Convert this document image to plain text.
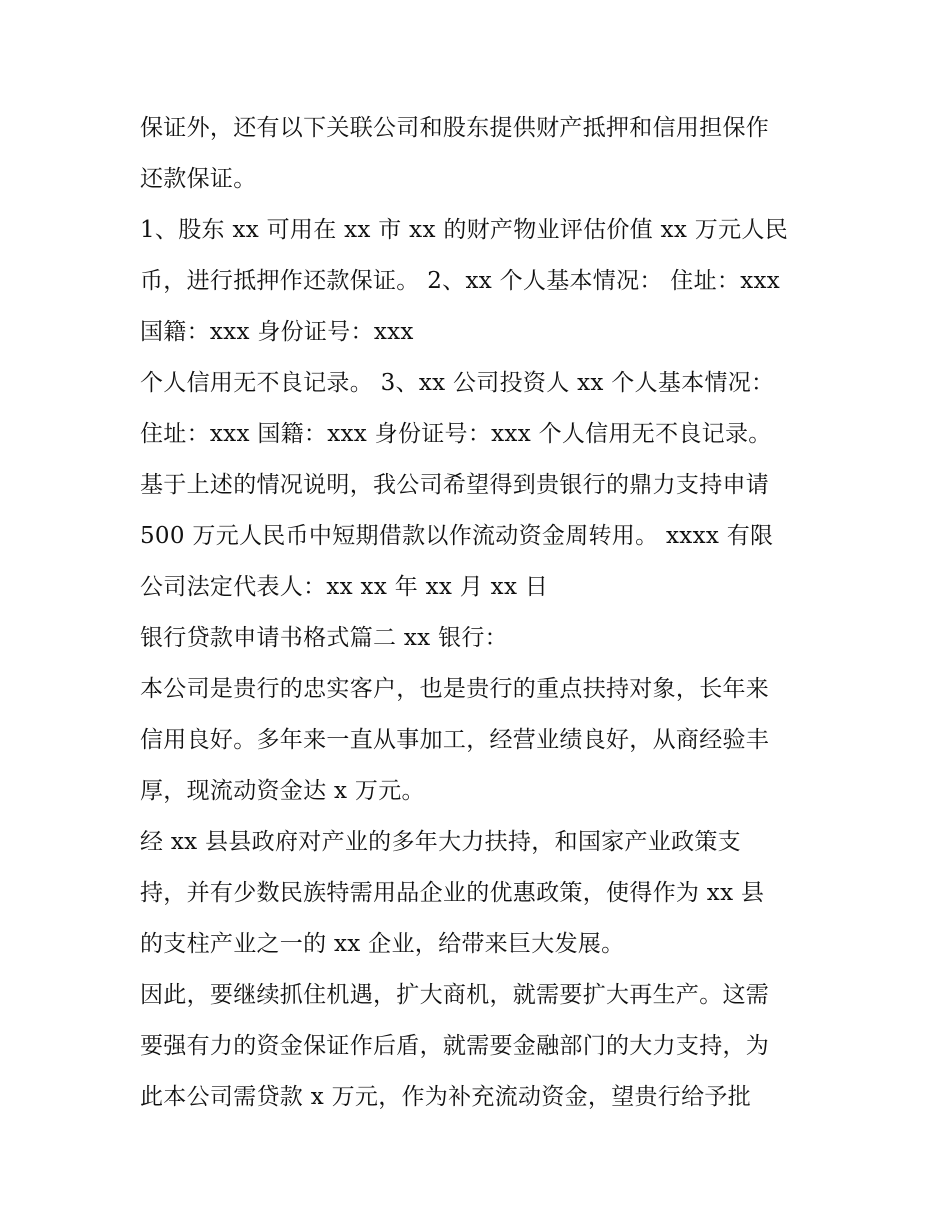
保证外，还有以下关联公司和股东提供财产抵押和信用担保作
还款保证。
1、股东 xx 可用在 xx 市 xx 的财产物业评估价值 xx 万元人民
币，进行抵押作还款保证。 2、xx 个人基本情况： 住址：xxx
国籍：xxx 身份证号：xxx
个人信用无不良记录。 3、xx 公司投资人 xx 个人基本情况：
住址：xxx 国籍：xxx 身份证号：xxx 个人信用无不良记录。
基于上述的情况说明，我公司希望得到贵银行的鼎力支持申请
500 万元人民币中短期借款以作流动资金周转用。 xxxx 有限
公司法定代表人：xx xx 年 xx 月 xx 日
银行贷款申请书格式篇二 xx 银行：
本公司是贵行的忠实客户，也是贵行的重点扶持对象，长年来
信用良好。多年来一直从事加工，经营业绩良好，从商经验丰
厚，现流动资金达 x 万元。
经 xx 县县政府对产业的多年大力扶持，和国家产业政策支
持，并有少数民族特需用品企业的优惠政策，使得作为 xx 县
的支柱产业之一的 xx 企业，给带来巨大发展。
因此，要继续抓住机遇，扩大商机，就需要扩大再生产。这需
要强有力的资金保证作后盾，就需要金融部门的大力支持，为
此本公司需贷款 x 万元，作为补充流动资金，望贵行给予批
